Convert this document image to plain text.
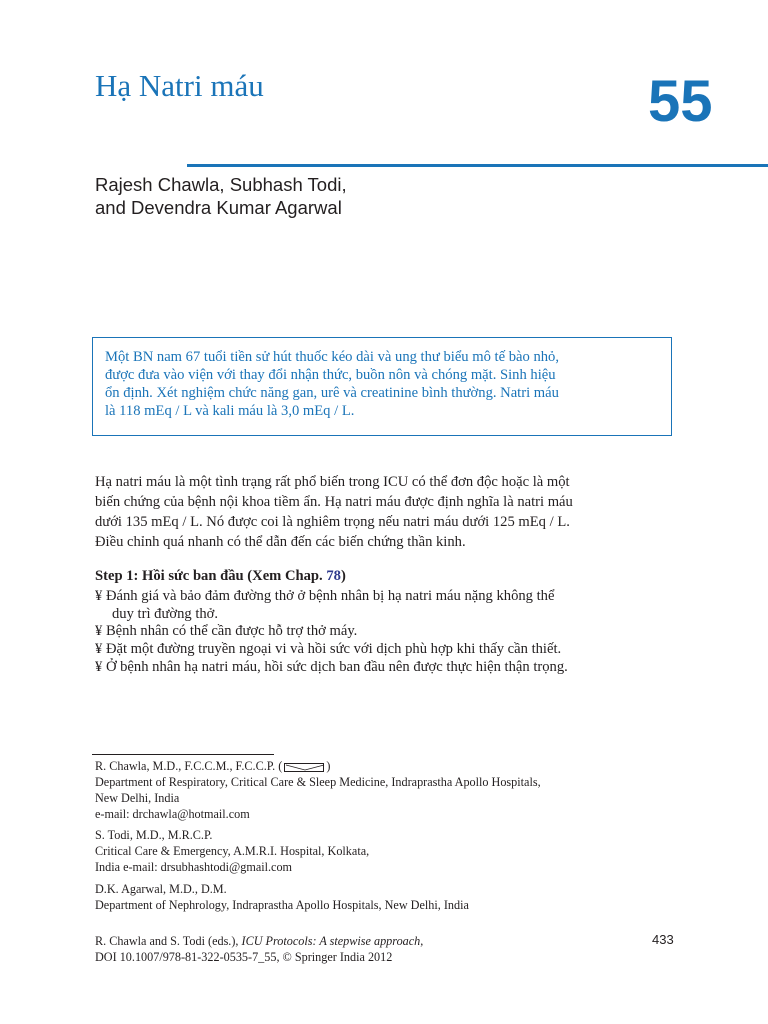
Hạ Natri máu	55
Rajesh Chawla, Subhash Todi,
and Devendra Kumar Agarwal
Một BN nam 67 tuổi tiền sử hút thuốc kéo dài và ung thư biểu mô tế bào nhỏ,
được đưa vào viện với thay đổi nhận thức, buồn nôn và chóng mặt. Sinh hiệu
ổn định. Xét nghiệm chức năng gan, urê và creatinine bình thường. Natri máu
là 118 mEq / L và kali máu là 3,0 mEq / L.
Hạ natri máu là một tình trạng rất phổ biến trong ICU có thể đơn độc hoặc là một
biến chứng của bệnh nội khoa tiềm ẩn. Hạ natri máu được định nghĩa là natri máu
dưới 135 mEq / L. Nó được coi là nghiêm trọng nếu natri máu dưới 125 mEq / L.
Điều chỉnh quá nhanh có thể dẫn đến các biến chứng thần kinh.
Step 1: Hồi sức ban đầu (Xem Chap. 78)
¥ Đánh giá và bảo đảm đường thở ở bệnh nhân bị hạ natri máu nặng không thể
duy trì đường thở.
¥ Bệnh nhân có thể cần được hỗ trợ thở máy.
¥ Đặt một đường truyền ngoại vi và hồi sức với dịch phù hợp khi thấy cần thiết.
¥ Ở bệnh nhân hạ natri máu, hồi sức dịch ban đầu nên được thực hiện thận trọng.
R. Chawla, M.D., F.C.C.M., F.C.C.P. (	)
Department of Respiratory, Critical Care & Sleep Medicine, Indraprastha Apollo Hospitals,
New Delhi, India
e-mail: drchawla@hotmail.com
S. Todi, M.D., M.R.C.P.
Critical Care & Emergency, A.M.R.I. Hospital, Kolkata,
India e-mail: drsubhashtodi@gmail.com
D.K. Agarwal, M.D., D.M.
Department of Nephrology, Indraprastha Apollo Hospitals, New Delhi, India
R. Chawla and S. Todi (eds.), ICU Protocols: A stepwise approach,
DOI 10.1007/978-81-322-0535-7_55, © Springer India 2012
433
